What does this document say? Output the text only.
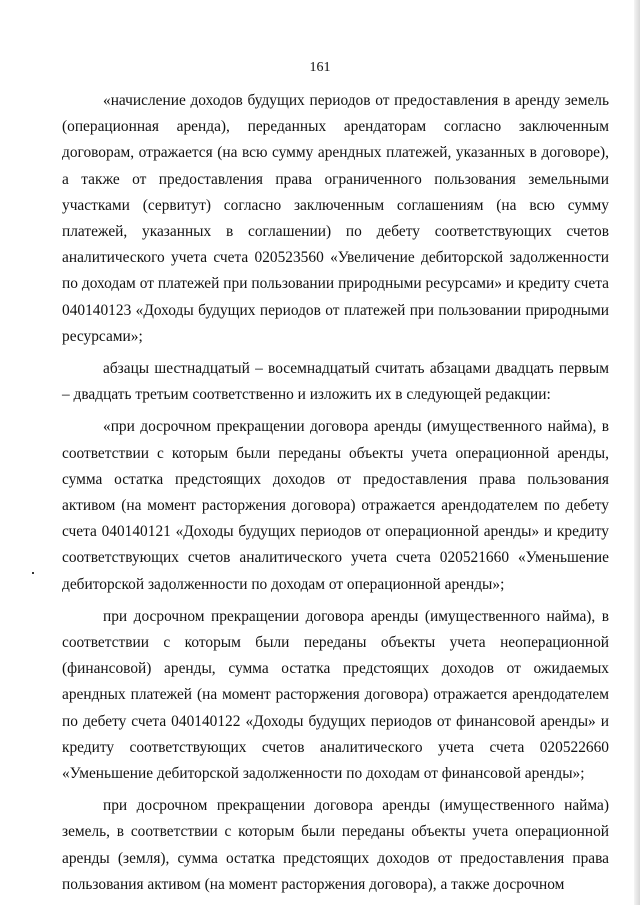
161

«начисление доходов будущих периодов от предоставления в аренду земель (операционная аренда), переданных арендаторам согласно заключенным договорам, отражается (на всю сумму арендных платежей, указанных в договоре), а также от предоставления права ограниченного пользования земельными участками (сервитут) согласно заключенным соглашениям (на всю сумму платежей, указанных в соглашении) по дебету соответствующих счетов аналитического учета счета 020523560 «Увеличение дебиторской задолженности по доходам от платежей при пользовании природными ресурсами» и кредиту счета 040140123 «Доходы будущих периодов от платежей при пользовании природными ресурсами»;

абзацы шестнадцатый – восемнадцатый считать абзацами двадцать первым – двадцать третьим соответственно и изложить их в следующей редакции:

«при досрочном прекращении договора аренды (имущественного найма), в соответствии с которым были переданы объекты учета операционной аренды, сумма остатка предстоящих доходов от предоставления права пользования активом (на момент расторжения договора) отражается арендодателем по дебету счета 040140121 «Доходы будущих периодов от операционной аренды» и кредиту соответствующих счетов аналитического учета счета 020521660 «Уменьшение дебиторской задолженности по доходам от операционной аренды»;

при досрочном прекращении договора аренды (имущественного найма), в соответствии с которым были переданы объекты учета неоперационной (финансовой) аренды, сумма остатка предстоящих доходов от ожидаемых арендных платежей (на момент расторжения договора) отражается арендодателем по дебету счета 040140122 «Доходы будущих периодов от финансовой аренды» и кредиту соответствующих счетов аналитического учета счета 020522660 «Уменьшение дебиторской задолженности по доходам от финансовой аренды»;

при досрочном прекращении договора аренды (имущественного найма) земель, в соответствии с которым были переданы объекты учета операционной аренды (земля), сумма остатка предстоящих доходов от предоставления права пользования активом (на момент расторжения договора), а также досрочном
